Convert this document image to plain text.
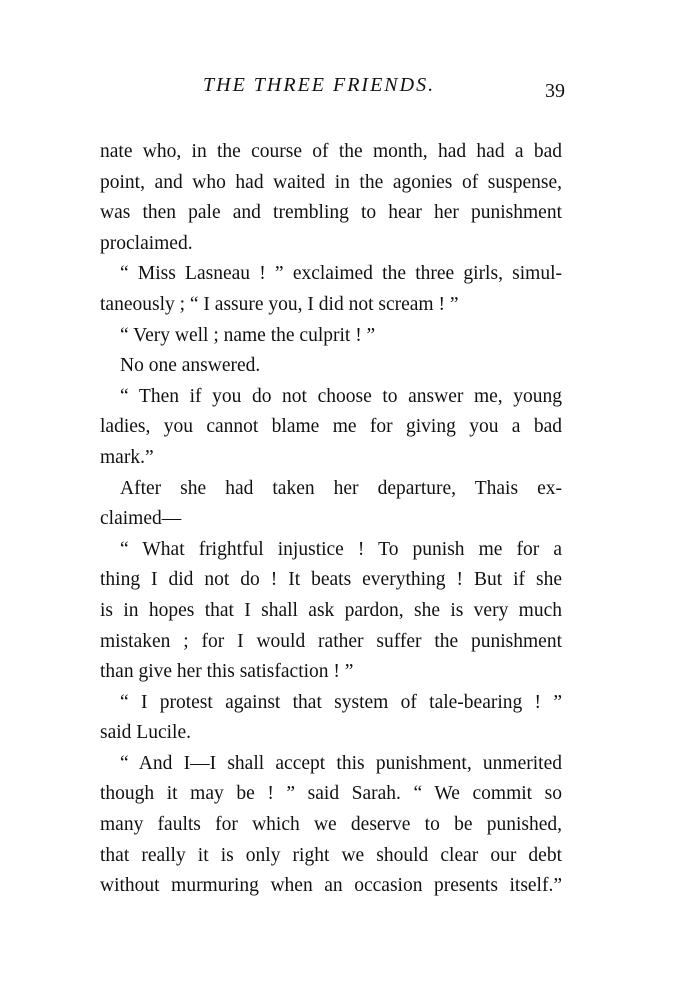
THE THREE FRIENDS.	39
nate who, in the course of the month, had had a bad
point, and who had waited in the agonies of suspense,
was then pale and trembling to hear her punishment
proclaimed.
“ Miss Lasneau ! ” exclaimed the three girls, simul-
taneously ; “ I assure you, I did not scream ! ”
“ Very well ; name the culprit ! ”
No one answered.
“ Then if you do not choose to answer me, young
ladies, you cannot blame me for giving you a bad
mark.”
After she had taken her departure, Thais ex-
claimed—
“ What frightful injustice ! To punish me for a
thing I did not do ! It beats everything ! But if she
is in hopes that I shall ask pardon, she is very much
mistaken ; for I would rather suffer the punishment
than give her this satisfaction ! ”
“ I protest against that system of tale-bearing ! ”
said Lucile.
“ And I—I shall accept this punishment, unmerited
though it may be ! ” said Sarah. “ We commit so
many faults for which we deserve to be punished,
that really it is only right we should clear our debt
without murmuring when an occasion presents itself.”
